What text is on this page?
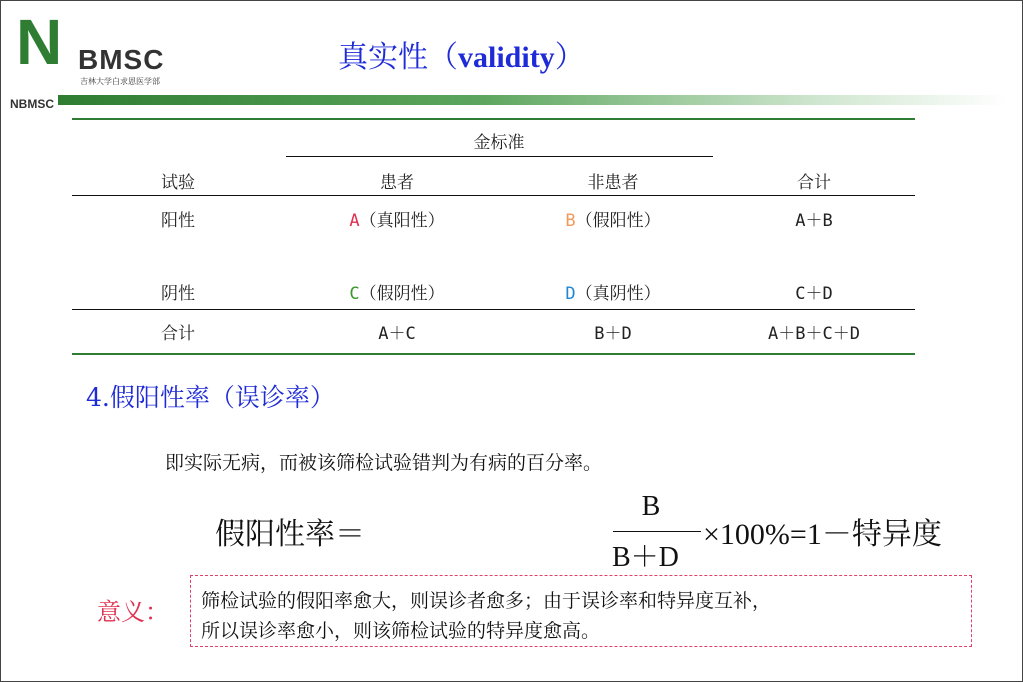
N BMSC
吉林大学白求恩医学部
NBMSC
真实性（validity）
金标准
试验	患者	非患者	合计
阳性	A（真阳性）	B（假阳性）	A＋B
阴性	C（假阴性）	D（真阴性）	C＋D
合计	A＋C	B＋D	A＋B＋C＋D
4.假阳性率（误诊率）
即实际无病，而被该筛检试验错判为有病的百分率。
假阳性率＝
B
B＋D
×100%=1－特异度
意义： 筛检试验的假阳率愈大，则误诊者愈多；由于误诊率和特异度互补，
所以误诊率愈小，则该筛检试验的特异度愈高。
